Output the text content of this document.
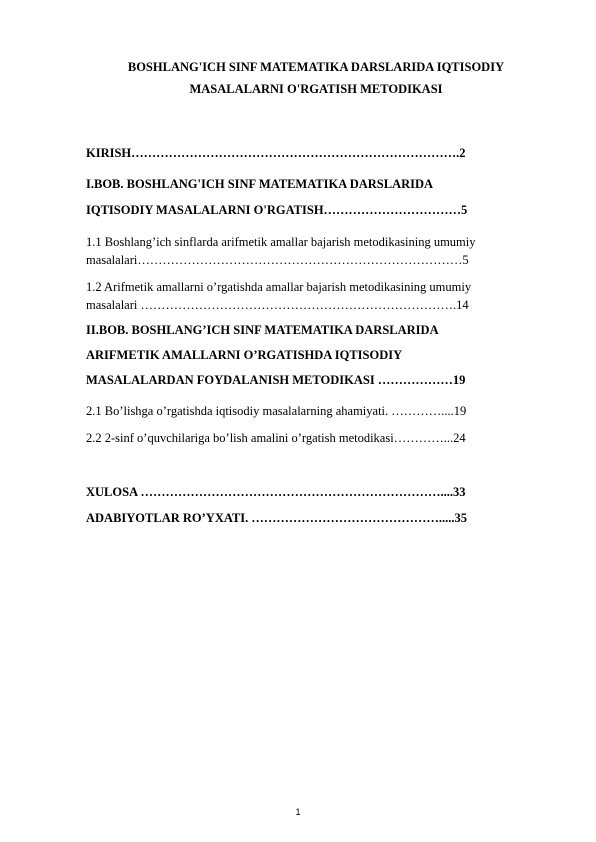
BOSHLANG'ICH SINF MATEMATIKA DARSLARIDA IQTISODIY
MASALALARNI O'RGATISH METODIKASI
KIRISH…………………………………………………………………….2
I.BOB. BOSHLANG'ICH SINF MATEMATIKA DARSLARIDA
IQTISODIY MASALALARNI O'RGATISH……………………………5
1.1 Boshlang’ich sinflarda arifmetik amallar bajarish metodikasining umumiy
masalalari……………………………………………………………………5
1.2 Arifmetik amallarni o’rgatishda amallar bajarish metodikasining umumiy
masalalari ………………………………………………………………….14
II.BOB. BOSHLANG’ICH SINF MATEMATIKA DARSLARIDA
ARIFMETIK AMALLARNI O’RGATISHDA IQTISODIY
MASALALARDAN FOYDALANISH METODIKASI ………………19
2.1 Bo’lishga o’rgatishda iqtisodiy masalalarning ahamiyati. …………....19
2.2 2-sinf o’quvchilariga bo’lish amalini o’rgatish metodikasi…………...24
XULOSA ………………………………………………………………....33
ADABIYOTLAR RO’YXATI. ……………………………………….....35
1
